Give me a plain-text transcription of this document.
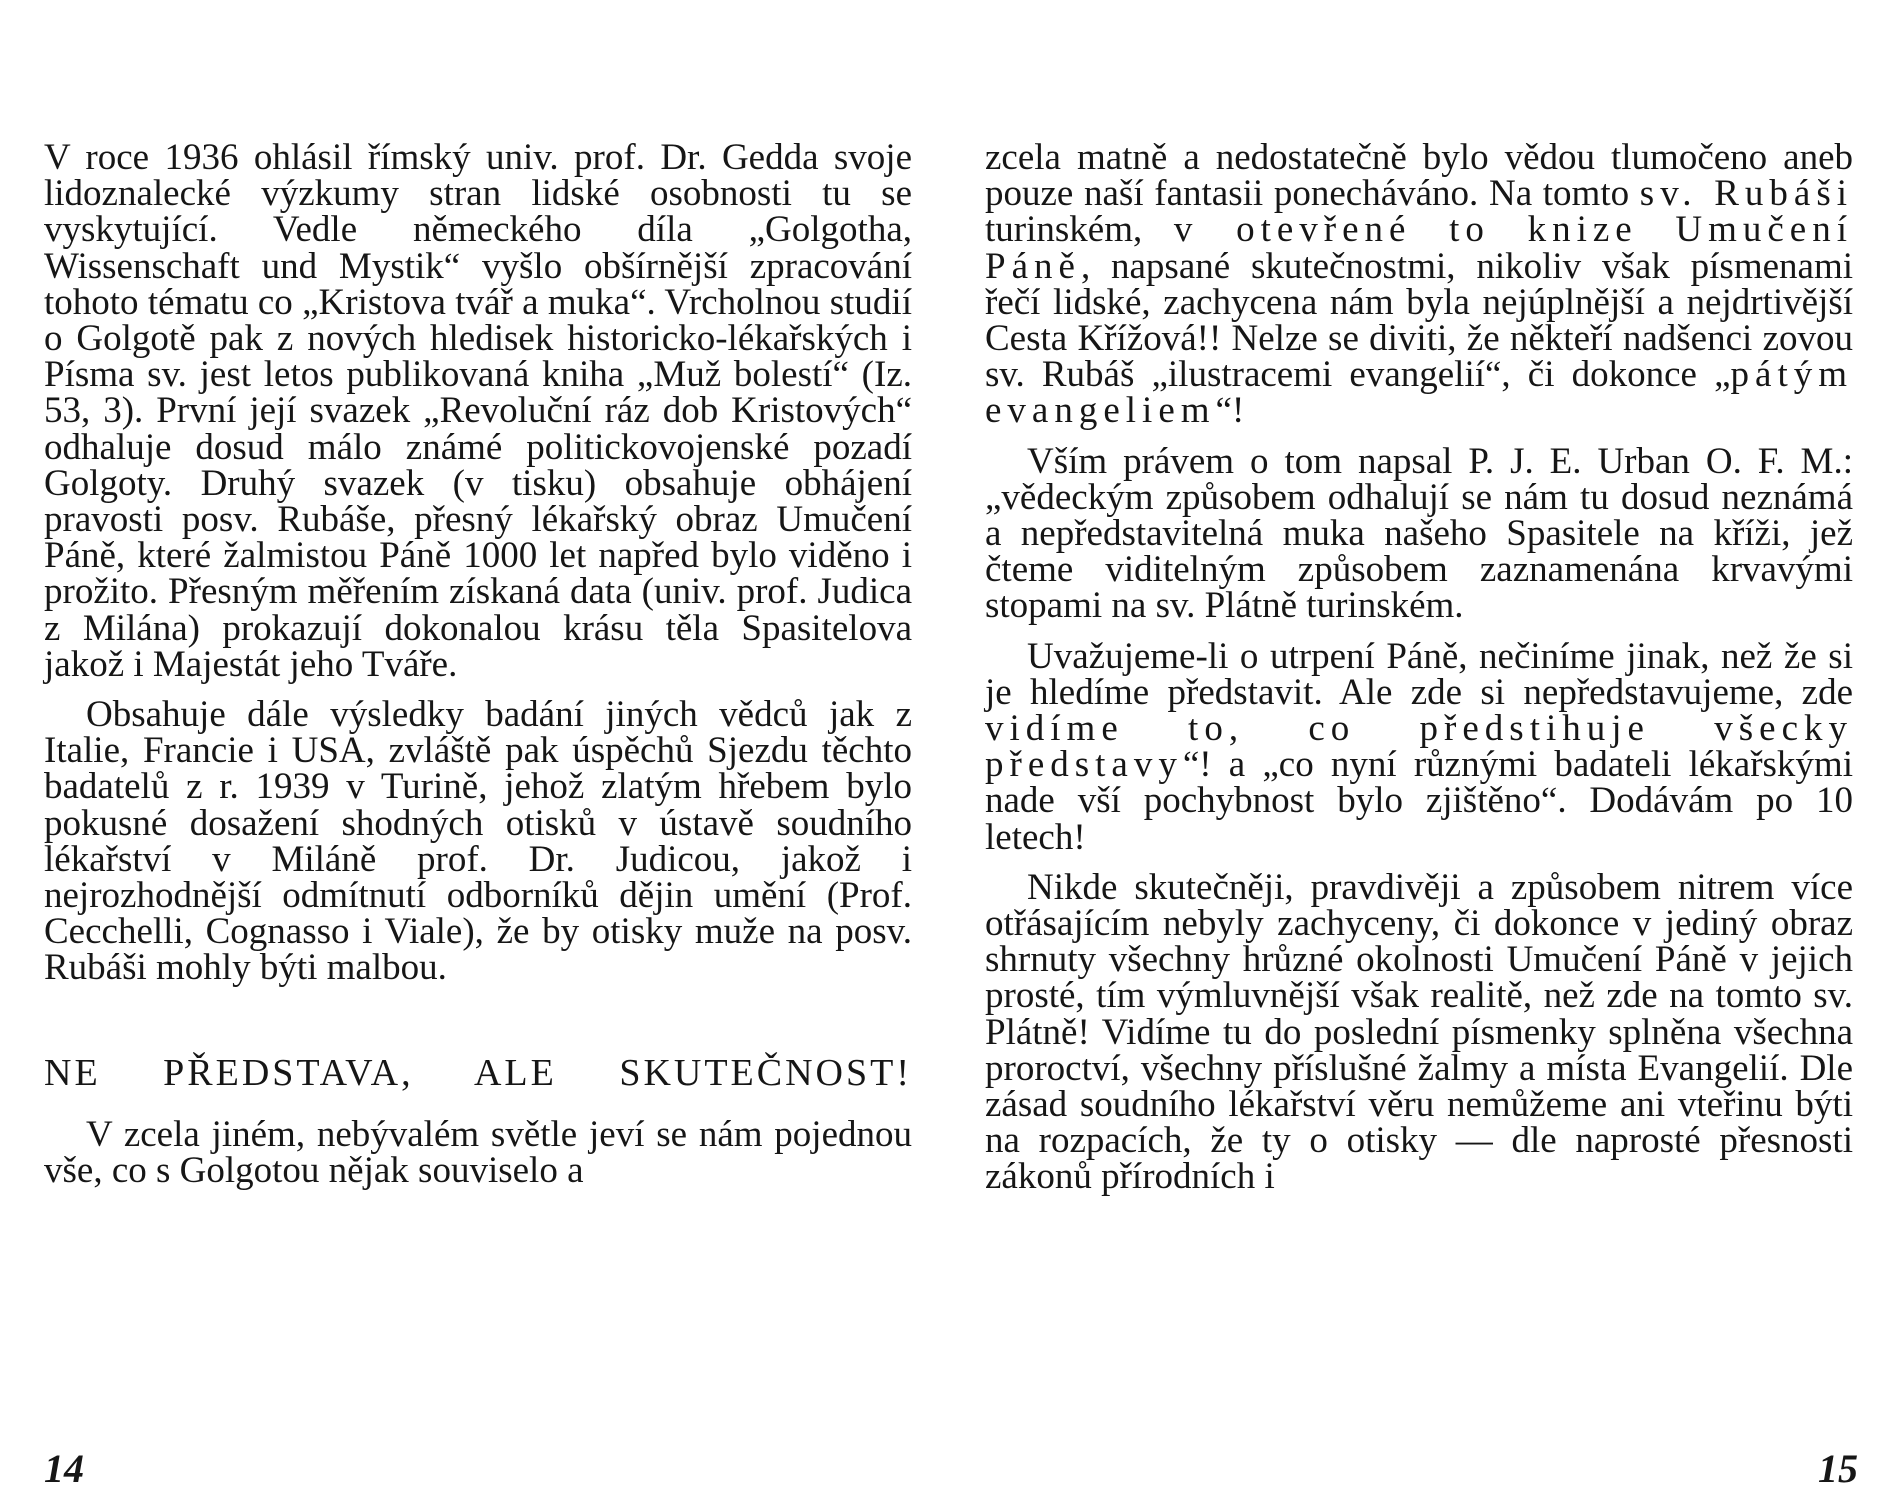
V roce 1936 ohlásil římský univ. prof. Dr. Gedda svoje lidoznalecké výzkumy stran lidské osobnosti tu se vyskytující. Vedle německého díla „Golgotha, Wissenschaft und Mystik“ vyšlo obšírnější zpracování tohoto tématu co „Kristova tvář a muka“. Vrcholnou studií o Golgotě pak z nových hledisek historicko-lékařských i Písma sv. jest letos publikovaná kniha „Muž bolestí“ (Iz. 53, 3). První její svazek „Revoluční ráz dob Kristových“ odhaluje dosud málo známé politickovojenské pozadí Golgoty. Druhý svazek (v tisku) obsahuje obhájení pravosti posv. Rubáše, přesný lékařský obraz Umučení Páně, které žalmistou Páně 1000 let napřed bylo viděno i prožito. Přesným měřením získaná data (univ. prof. Judica z Milána) prokazují dokonalou krásu těla Spasitelova jakož i Majestát jeho Tváře.

Obsahuje dále výsledky badání jiných vědců jak z Italie, Francie i USA, zvláště pak úspěchů Sjezdu těchto badatelů z r. 1939 v Turině, jehož zlatým hřebem bylo pokusné dosažení shodných otisků v ústavě soudního lékařství v Miláně prof. Dr. Judicou, jakož i nejrozhodnější odmítnutí odborníků dějin umění (Prof. Cecchelli, Cognasso i Viale), že by otisky muže na posv. Rubáši mohly býti malbou.

NE PŘEDSTAVA, ALE SKUTEČNOST!

V zcela jiném, nebývalém světle jeví se nám pojednou vše, co s Golgotou nějak souviselo a

14

zcela matně a nedostatečně bylo vědou tlumočeno aneb pouze naší fantasii ponecháváno. Na tomto sv. Rubáši turinském, v otevřené to knize Umučení Páně, napsané skutečnostmi, nikoliv však písmenami řečí lidské, zachycena nám byla nejúplnější a nejdrtivější Cesta Křížová!! Nelze se diviti, že někteří nadšenci zovou sv. Rubáš „ilustracemi evangelií“, či dokonce „pátým evangeliem“!

Vším právem o tom napsal P. J. E. Urban O. F. M.: „vědeckým způsobem odhalují se nám tu dosud neznámá a nepředstavitelná muka našeho Spasitele na kříži, jež čteme viditelným způsobem zaznamenána krvavými stopami na sv. Plátně turinském.

Uvažujeme-li o utrpení Páně, nečiníme jinak, než že si je hledíme představit. Ale zde si nepředstavujeme, zde vidíme to, co předstihuje všecky představy“! a „co nyní různými badateli lékařskými nade vší pochybnost bylo zjištěno“. Dodávám po 10 letech!

Nikde skutečněji, pravdivěji a způsobem nitrem více otřásajícím nebyly zachyceny, či dokonce v jediný obraz shrnuty všechny hrůzné okolnosti Umučení Páně v jejich prosté, tím výmluvnější však realitě, než zde na tomto sv. Plátně! Vidíme tu do poslední písmenky splněna všechna proroctví, všechny příslušné žalmy a místa Evangelií. Dle zásad soudního lékařství věru nemůžeme ani vteřinu býti na rozpacích, že ty o otisky — dle naprosté přesnosti zákonů přírodních i

15
